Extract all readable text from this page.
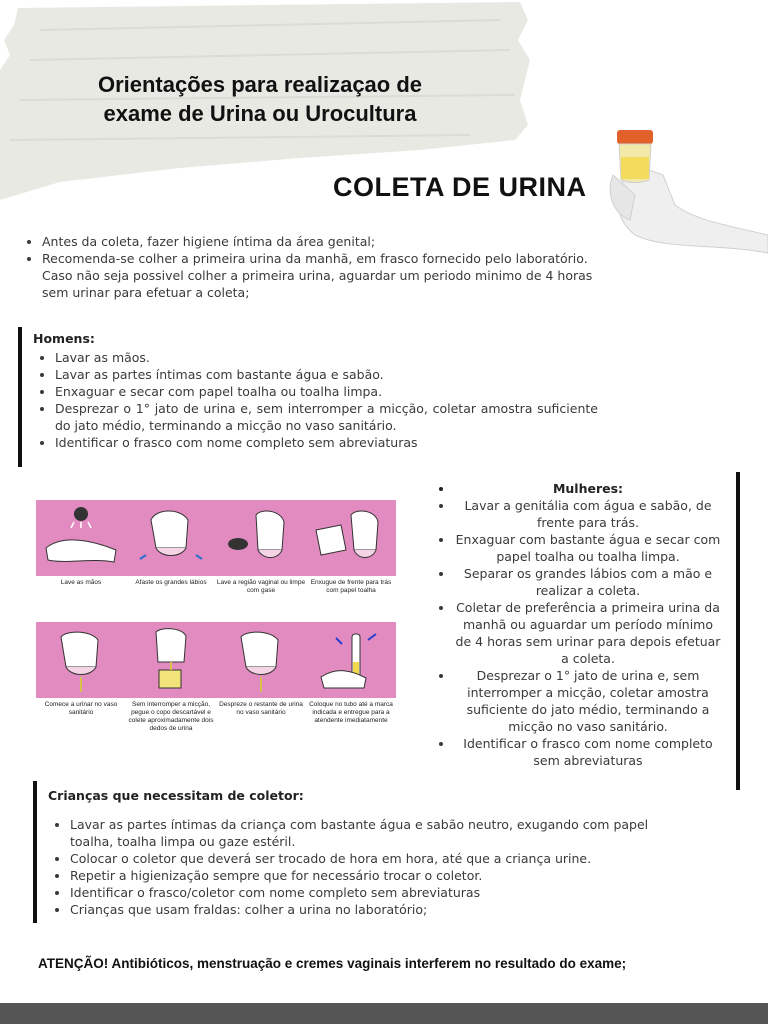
Orientações para realizaçao de
exame de Urina ou Urocultura
COLETA DE URINA
• Antes da coleta, fazer higiene íntima da área genital;
• Recomenda-se colher a primeira urina da manhã, em frasco fornecido pelo laboratório. Caso não seja possivel colher a primeira urina, aguardar um periodo minimo de 4 horas sem urinar para efetuar a coleta;
Homens:
• Lavar as mãos.
• Lavar as partes íntimas com bastante água e sabão.
• Enxaguar e secar com papel toalha ou toalha limpa.
• Desprezar o 1° jato de urina e, sem interromper a micção, coletar amostra suficiente do jato médio, terminando a micção no vaso sanitário.
• Identificar o frasco com nome completo sem abreviaturas
Lave as mãos	Afaste os grandes lábios	Lave a região vaginal ou limpe com gase
Enxugue de frente para trás com papel toalha
Comece a urinar no vaso sanitário
Sem interromper a micção, pegue o copo descartável e colete aproximadamente dois dedos de urina
Despreze o restante de urina no vaso sanitário
Coloque no tubo até a marca indicada e entregue para a atendente imediatamente
• Mulheres:
• Lavar a genitália com água e sabão, de frente para trás.
• Enxaguar com bastante água e secar com papel toalha ou toalha limpa.
• Separar os grandes lábios com a mão e realizar a coleta.
• Coletar de preferência a primeira urina da manhã ou aguardar um período mínimo de 4 horas sem urinar para depois efetuar a coleta.
• Desprezar o 1° jato de urina e, sem interromper a micção, coletar amostra suficiente do jato médio, terminando a micção no vaso sanitário.
• Identificar o frasco com nome completo sem abreviaturas
Crianças que necessitam de coletor:
• Lavar as partes íntimas da criança com bastante água e sabão neutro, exugando com papel toalha, toalha limpa ou gaze estéril.
• Colocar o coletor que deverá ser trocado de hora em hora, até que a criança urine.
• Repetir a higienização sempre que for necessário trocar o coletor.
• Identificar o frasco/coletor com nome completo sem abreviaturas
• Crianças que usam fraldas: colher a urina no laboratório;
ATENÇÃO! Antibióticos, menstruação e cremes vaginais interferem no resultado do exame;
